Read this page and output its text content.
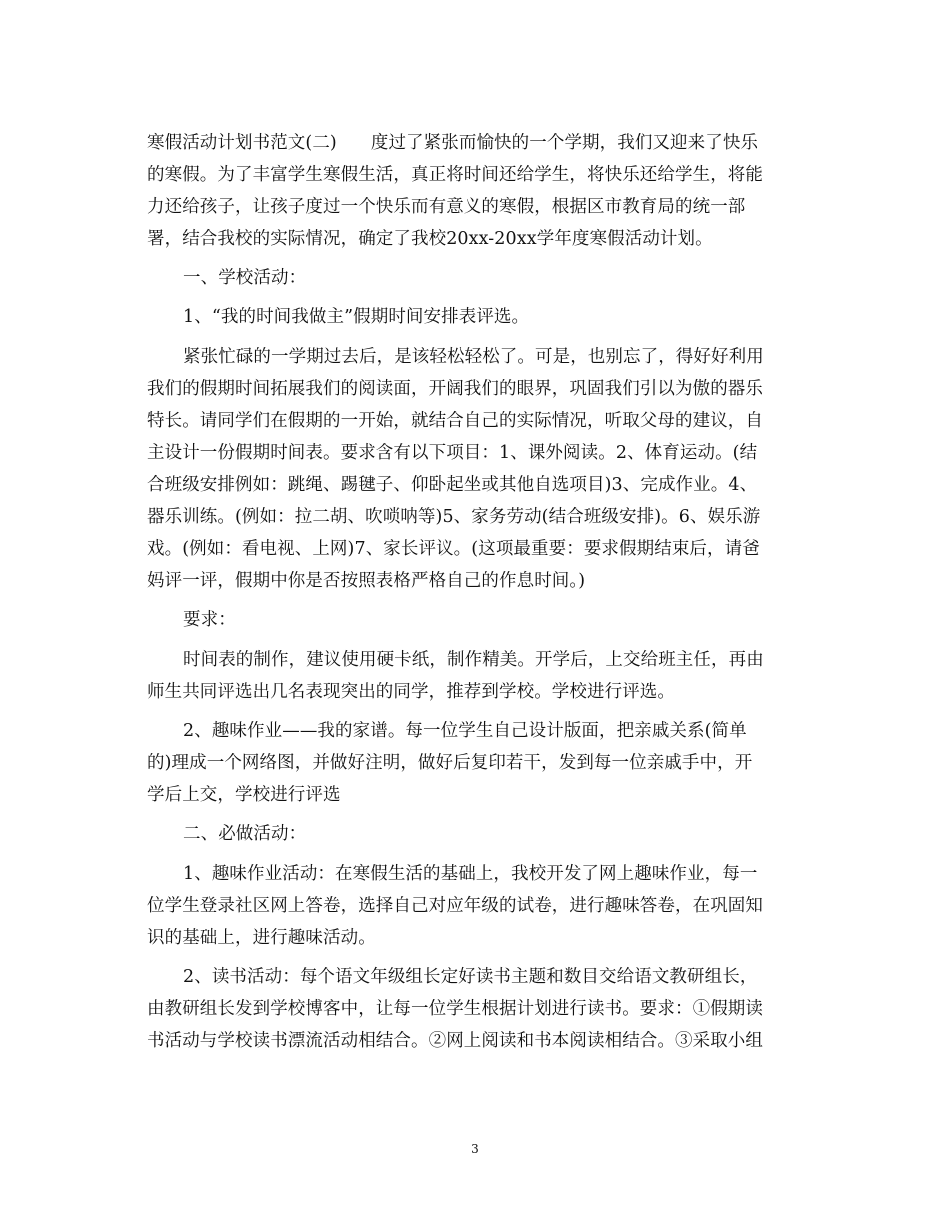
寒假活动计划书范文(二) 度过了紧张而愉快的一个学期，我们又迎来了快乐
的寒假。为了丰富学生寒假生活，真正将时间还给学生，将快乐还给学生，将能
力还给孩子，让孩子度过一个快乐而有意义的寒假，根据区市教育局的统一部
署，结合我校的实际情况，确定了我校20xx-20xx学年度寒假活动计划。
一、学校活动：
1、“我的时间我做主”假期时间安排表评选。
紧张忙碌的一学期过去后，是该轻松轻松了。可是，也别忘了，得好好利用
我们的假期时间拓展我们的阅读面，开阔我们的眼界，巩固我们引以为傲的器乐
特长。请同学们在假期的一开始，就结合自己的实际情况，听取父母的建议，自
主设计一份假期时间表。要求含有以下项目：1、课外阅读。2、体育运动。(结
合班级安排例如：跳绳、踢毽子、仰卧起坐或其他自选项目)3、完成作业。4、
器乐训练。(例如：拉二胡、吹唢呐等)5、家务劳动(结合班级安排)。6、娱乐游
戏。(例如：看电视、上网)7、家长评议。(这项最重要：要求假期结束后，请爸
妈评一评，假期中你是否按照表格严格自己的作息时间。)
要求：
时间表的制作，建议使用硬卡纸，制作精美。开学后，上交给班主任，再由
师生共同评选出几名表现突出的同学，推荐到学校。学校进行评选。
2、趣味作业——我的家谱。每一位学生自己设计版面，把亲戚关系(简单
的)理成一个网络图，并做好注明，做好后复印若干，发到每一位亲戚手中，开
学后上交，学校进行评选
二、必做活动：
1、趣味作业活动：在寒假生活的基础上，我校开发了网上趣味作业，每一
位学生登录社区网上答卷，选择自己对应年级的试卷，进行趣味答卷，在巩固知
识的基础上，进行趣味活动。
2、读书活动：每个语文年级组长定好读书主题和数目交给语文教研组长，
由教研组长发到学校博客中，让每一位学生根据计划进行读书。要求：①假期读
书活动与学校读书漂流活动相结合。②网上阅读和书本阅读相结合。③采取小组
3
